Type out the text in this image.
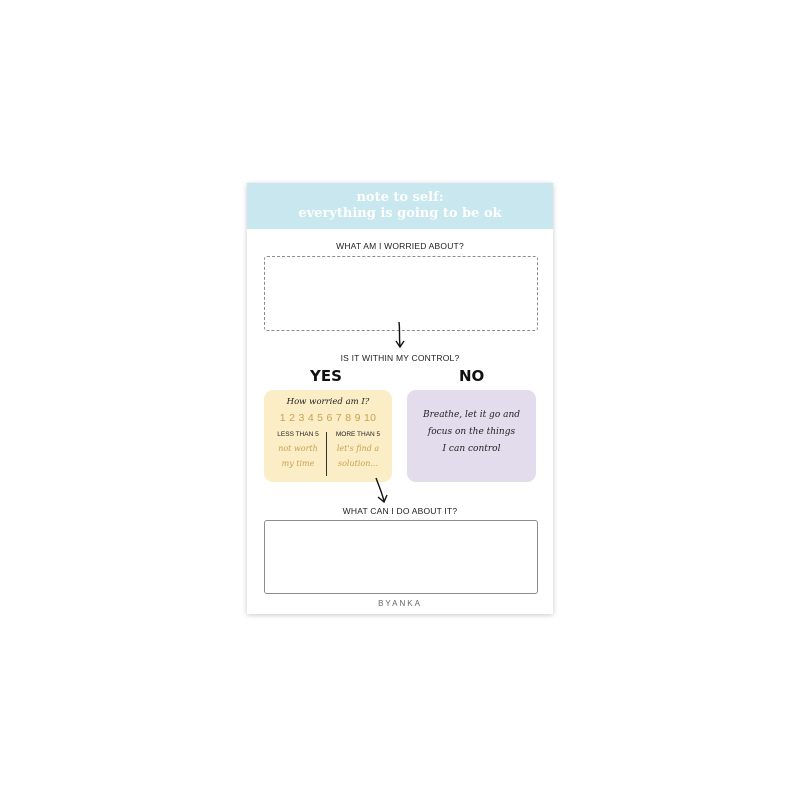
note to self:
everything is going to be ok
WHAT AM I WORRIED ABOUT?
IS IT WITHIN MY CONTROL?
YES	NO
How worried am I?
1 2 3 4 5 6 7 8 9 10
LESS THAN 5
not worth
my time
MORE THAN 5
let's find a
solution...
Breathe, let it go and
focus on the things
I can control
WHAT CAN I DO ABOUT IT?
BYANKA
